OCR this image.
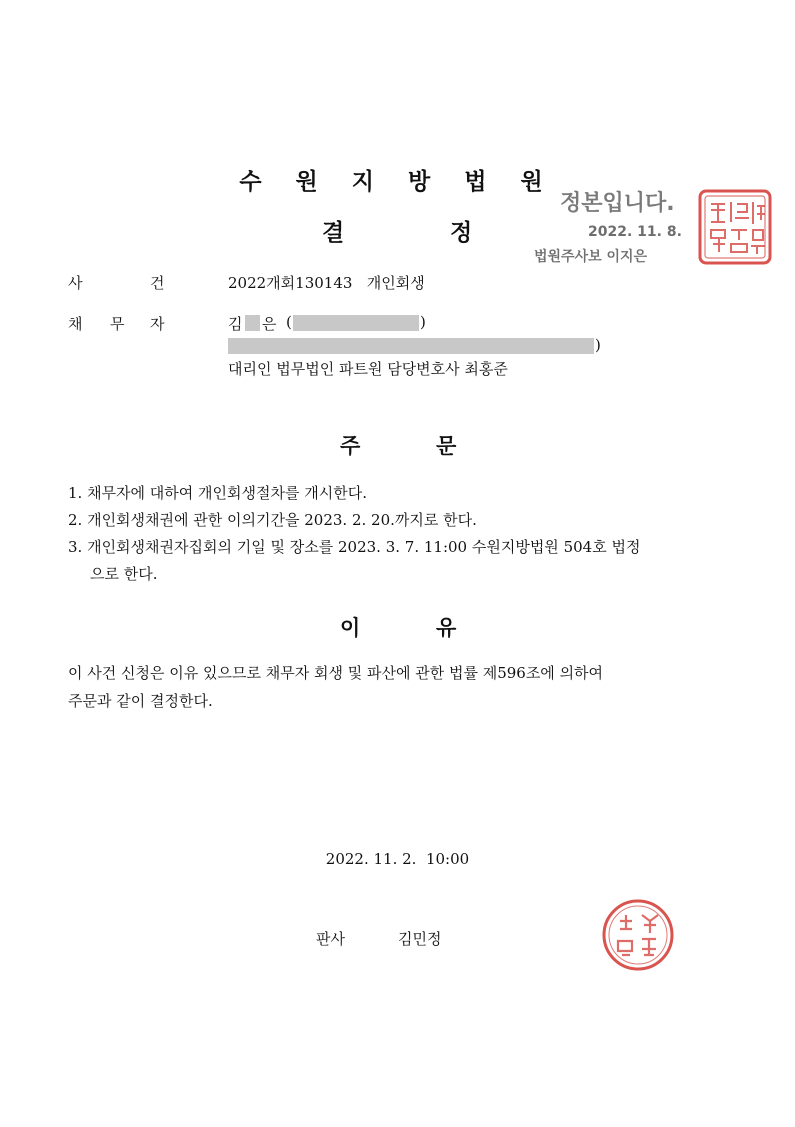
수 원 지 방 법 원
결	정
정본입니다.
2022. 11. 8.
법원주사보 이지은
사	건	2022개회130143   개인회생
채 무 자	김 은 (	)
)
대리인 법무법인 파트원 담당변호사 최홍준
주	문
1. 채무자에 대하여 개인회생절차를 개시한다.
2. 개인회생채권에 관한 이의기간을 2023. 2. 20.까지로 한다.
3. 개인회생채권자집회의 기일 및 장소를 2023. 3. 7. 11:00 수원지방법원 504호 법정
으로 한다.
이	유
이 사건 신청은 이유 있으므로 채무자 회생 및 파산에 관한 법률 제596조에 의하여
주문과 같이 결정한다.
2022. 11. 2.  10:00
판사	김민정
